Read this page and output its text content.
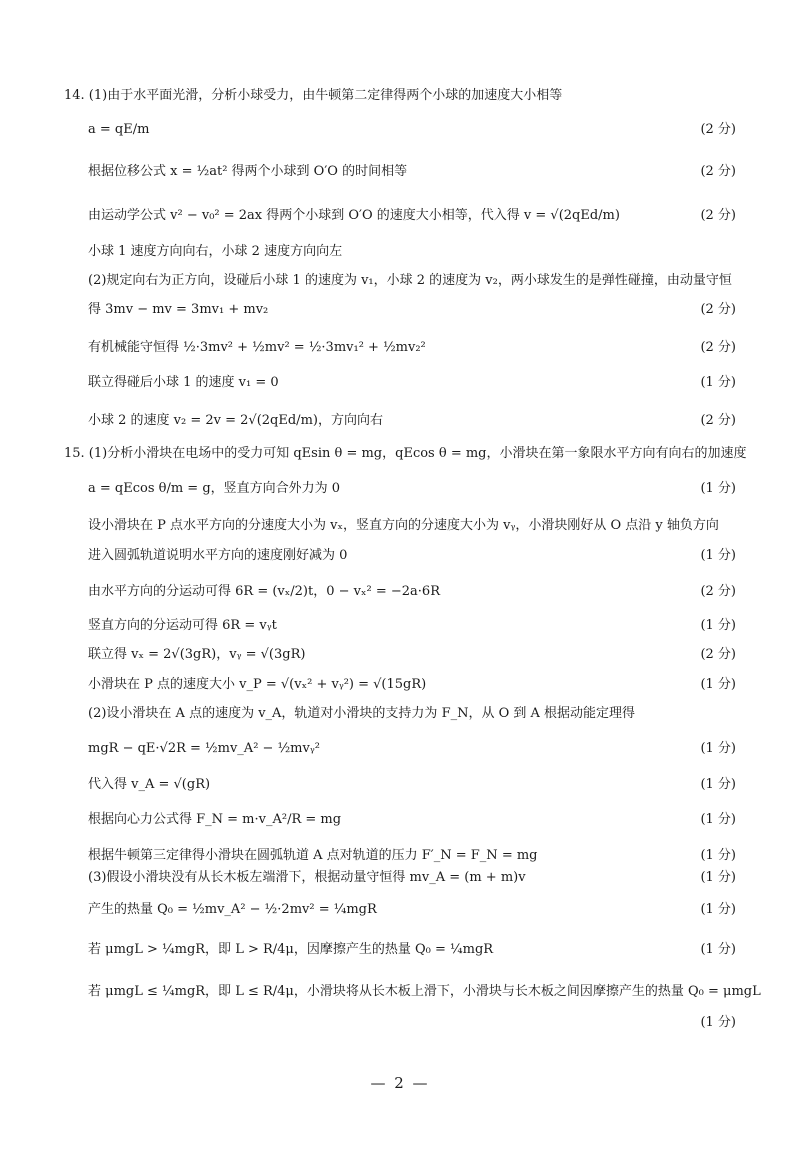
14. (1)由于水平面光滑，分析小球受力，由牛顿第二定律得两个小球的加速度大小相等
a = qE/m	(2 分)
根据位移公式 x = ½at² 得两个小球到 O′O 的时间相等	(2 分)
由运动学公式 v² − v₀² = 2ax 得两个小球到 O′O 的速度大小相等，代入得 v = √(2qEd/m)	(2 分)
小球 1 速度方向向右，小球 2 速度方向向左
(2)规定向右为正方向，设碰后小球 1 的速度为 v₁，小球 2 的速度为 v₂，两小球发生的是弹性碰撞，由动量守恒
得 3mv − mv = 3mv₁ + mv₂	(2 分)
有机械能守恒得 ½·3mv² + ½mv² = ½·3mv₁² + ½mv₂²	(2 分)
联立得碰后小球 1 的速度 v₁ = 0	(1 分)
小球 2 的速度 v₂ = 2v = 2√(2qEd/m)，方向向右	(2 分)
15. (1)分析小滑块在电场中的受力可知 qEsin θ = mg，qEcos θ = mg，小滑块在第一象限水平方向有向右的加速度
a = qEcos θ/m = g，竖直方向合外力为 0	(1 分)
设小滑块在 P 点水平方向的分速度大小为 vₓ，竖直方向的分速度大小为 vᵧ，小滑块刚好从 O 点沿 y 轴负方向
进入圆弧轨道说明水平方向的速度刚好减为 0	(1 分)
由水平方向的分运动可得 6R = (vₓ/2)t，0 − vₓ² = −2a·6R	(2 分)
竖直方向的分运动可得 6R = vᵧt	(1 分)
联立得 vₓ = 2√(3gR)，vᵧ = √(3gR)	(2 分)
小滑块在 P 点的速度大小 v_P = √(vₓ² + vᵧ²) = √(15gR)	(1 分)
(2)设小滑块在 A 点的速度为 v_A，轨道对小滑块的支持力为 F_N，从 O 到 A 根据动能定理得
mgR − qE·√2R = ½mv_A² − ½mvᵧ²	(1 分)
代入得 v_A = √(gR)	(1 分)
根据向心力公式得 F_N = m·v_A²/R = mg	(1 分)
根据牛顿第三定律得小滑块在圆弧轨道 A 点对轨道的压力 F′_N = F_N = mg	(1 分)
(3)假设小滑块没有从长木板左端滑下，根据动量守恒得 mv_A = (m + m)v	(1 分)
产生的热量 Q₀ = ½mv_A² − ½·2mv² = ¼mgR	(1 分)
若 μmgL > ¼mgR，即 L > R/4μ，因摩擦产生的热量 Q₀ = ¼mgR	(1 分)
若 μmgL ≤ ¼mgR，即 L ≤ R/4μ，小滑块将从长木板上滑下，小滑块与长木板之间因摩擦产生的热量 Q₀ = μmgL
(1 分)
— 2 —
